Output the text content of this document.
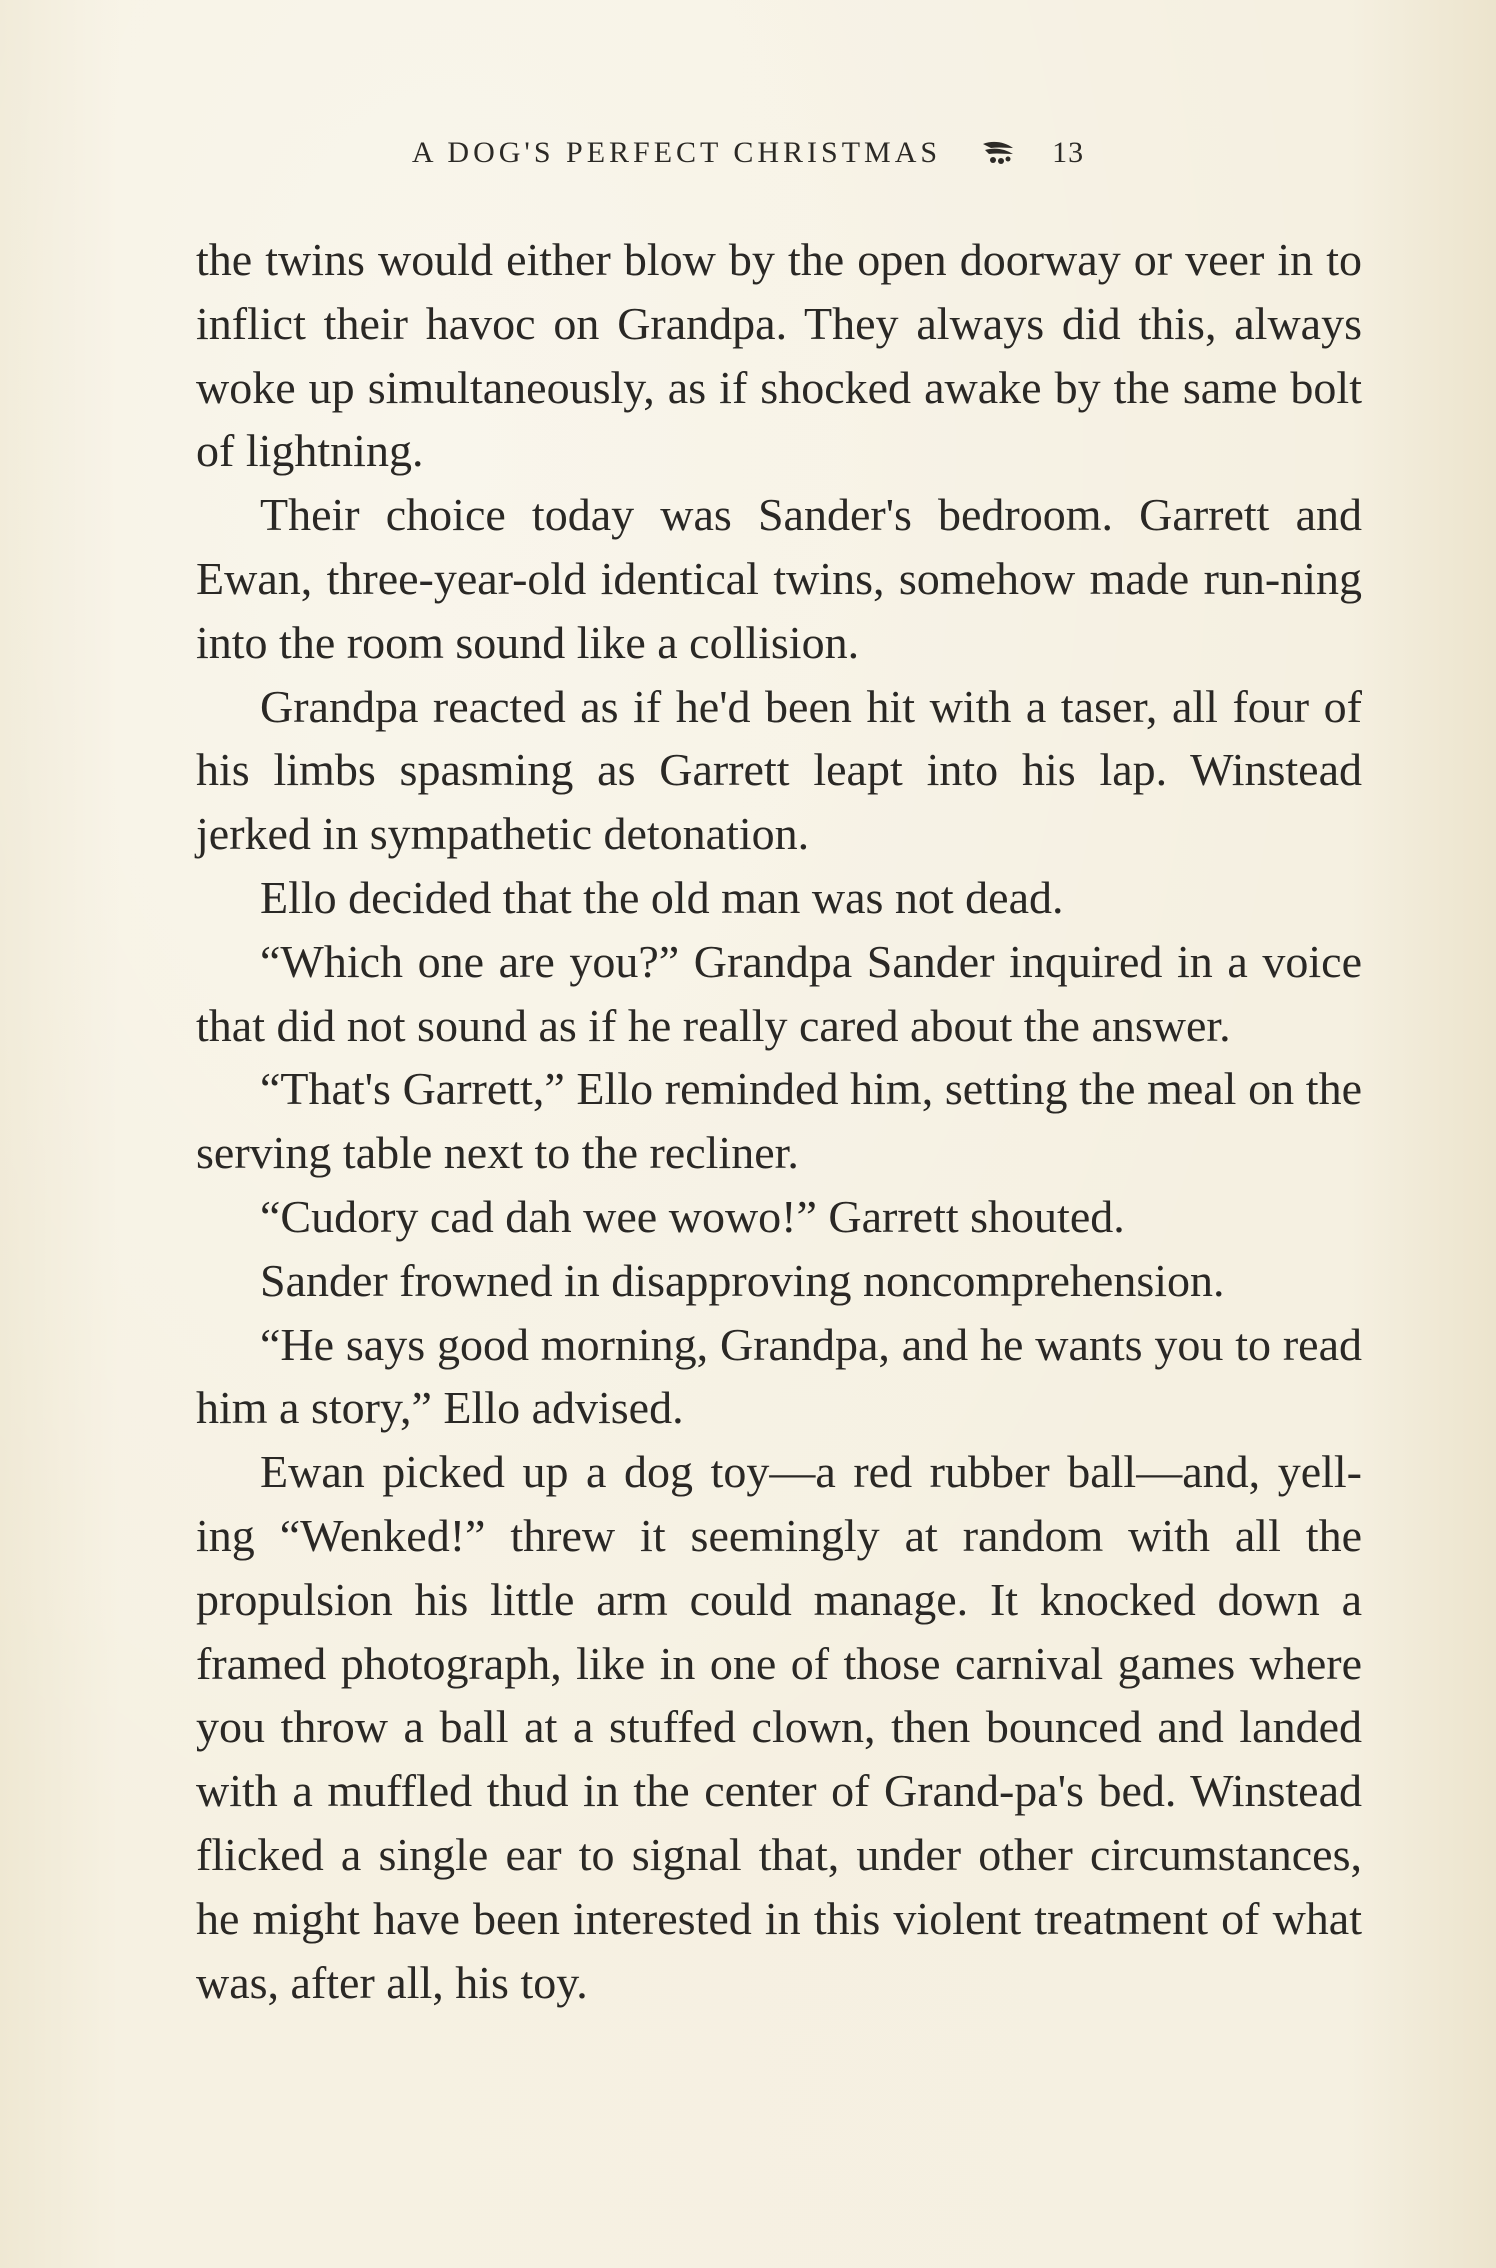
A DOG'S PERFECT CHRISTMAS	13

the twins would either blow by the open doorway or veer in to inflict their havoc on Grandpa. They always did this, always woke up simultaneously, as if shocked awake by the same bolt of lightning.

Their choice today was Sander's bedroom. Garrett and Ewan, three-year-old identical twins, somehow made run-ning into the room sound like a collision.

Grandpa reacted as if he'd been hit with a taser, all four of his limbs spasming as Garrett leapt into his lap. Winstead jerked in sympathetic detonation.

Ello decided that the old man was not dead.

“Which one are you?” Grandpa Sander inquired in a voice that did not sound as if he really cared about the answer.

“That's Garrett,” Ello reminded him, setting the meal on the serving table next to the recliner.

“Cudory cad dah wee wowo!” Garrett shouted.

Sander frowned in disapproving noncomprehension.

“He says good morning, Grandpa, and he wants you to read him a story,” Ello advised.

Ewan picked up a dog toy—a red rubber ball—and, yell-ing “Wenked!” threw it seemingly at random with all the propulsion his little arm could manage. It knocked down a framed photograph, like in one of those carnival games where you throw a ball at a stuffed clown, then bounced and landed with a muffled thud in the center of Grand-pa's bed. Winstead flicked a single ear to signal that, under other circumstances, he might have been interested in this violent treatment of what was, after all, his toy.
